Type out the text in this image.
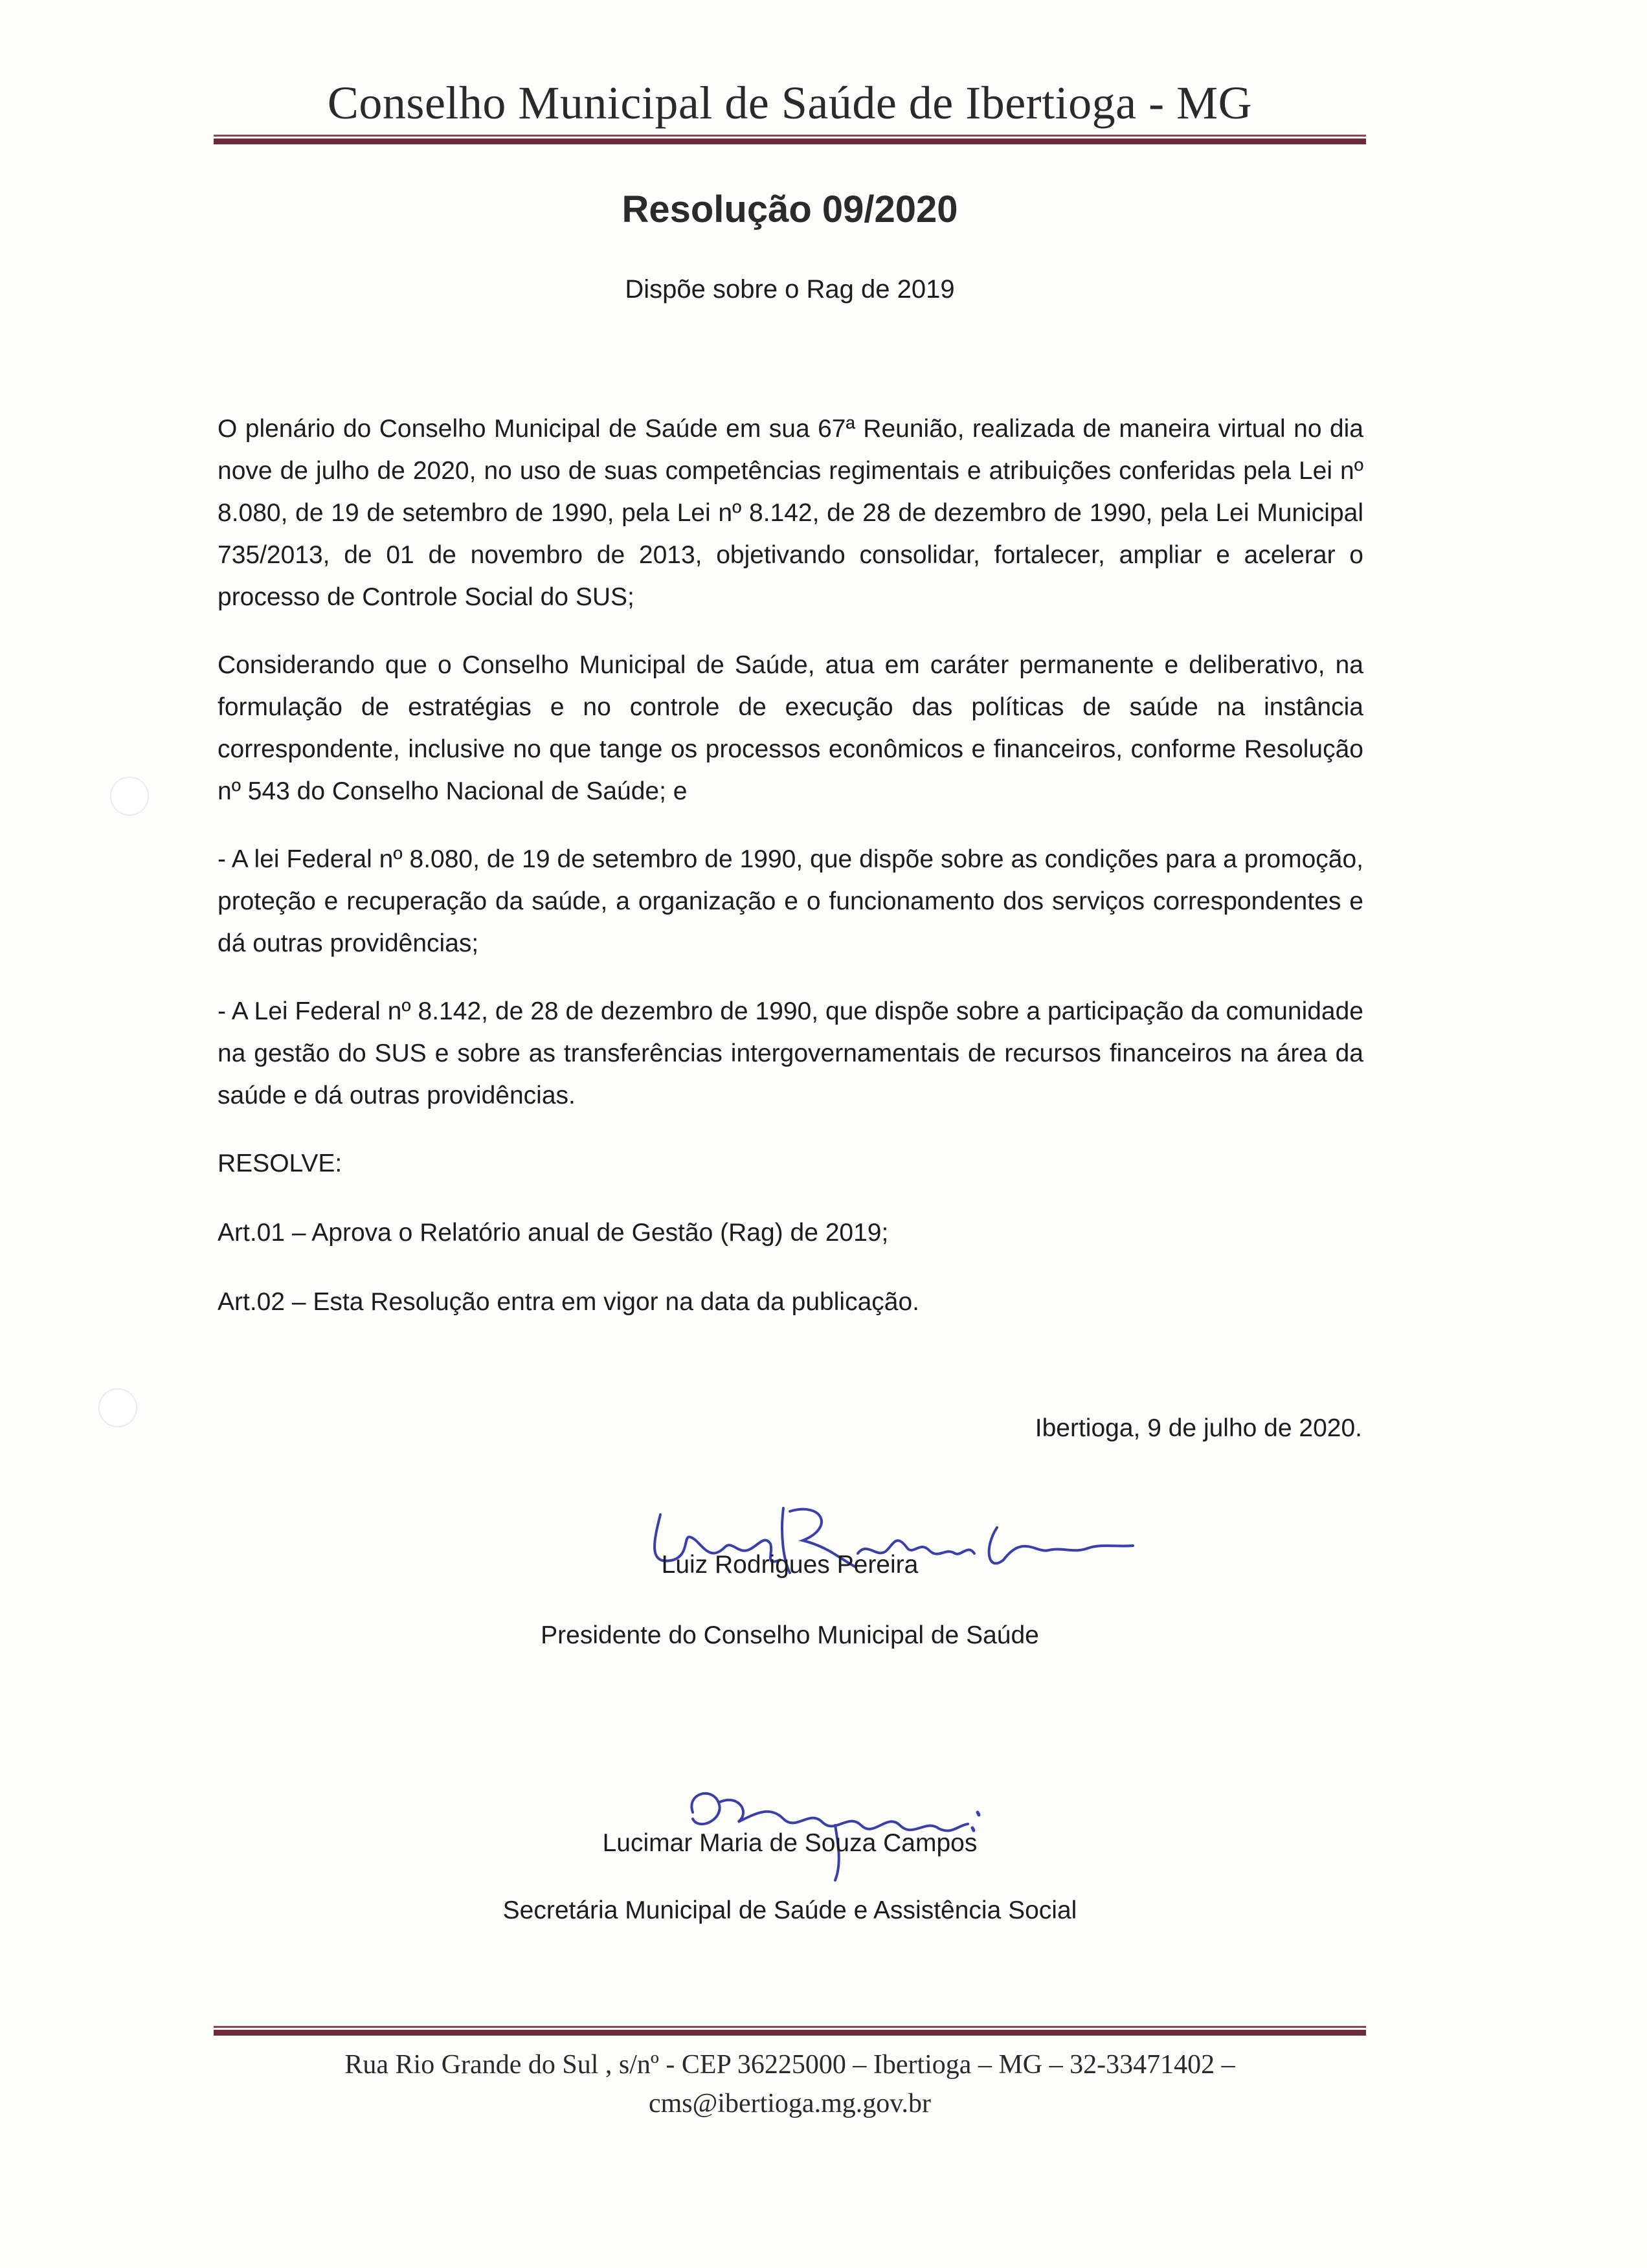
Conselho Municipal de Saúde de Ibertioga - MG
Resolução 09/2020
Dispõe sobre o Rag de 2019

O plenário do Conselho Municipal de Saúde em sua 67ª Reunião, realizada de maneira virtual no dia nove de julho de 2020, no uso de suas competências regimentais e atribuições conferidas pela Lei nº 8.080, de 19 de setembro de 1990, pela Lei nº 8.142, de 28 de dezembro de 1990, pela Lei Municipal 735/2013, de 01 de novembro de 2013, objetivando consolidar, fortalecer, ampliar e acelerar o processo de Controle Social do SUS;

Considerando que o Conselho Municipal de Saúde, atua em caráter permanente e deliberativo, na formulação de estratégias e no controle de execução das políticas de saúde na instância correspondente, inclusive no que tange os processos econômicos e financeiros, conforme Resolução nº 543 do Conselho Nacional de Saúde; e

- A lei Federal nº 8.080, de 19 de setembro de 1990, que dispõe sobre as condições para a promoção, proteção e recuperação da saúde, a organização e o funcionamento dos serviços correspondentes e dá outras providências;

- A Lei Federal nº 8.142, de 28 de dezembro de 1990, que dispõe sobre a participação da comunidade na gestão do SUS e sobre as transferências intergovernamentais de recursos financeiros na área da saúde e dá outras providências.

RESOLVE:

Art.01 – Aprova o Relatório anual de Gestão (Rag) de 2019;

Art.02 – Esta Resolução entra em vigor na data da publicação.

Ibertioga, 9 de julho de 2020.
Luiz Rodrigues Pereira
Presidente do Conselho Municipal de Saúde
Lucimar Maria de Souza Campos
Secretária Municipal de Saúde e Assistência Social
Rua Rio Grande do Sul , s/nº - CEP 36225000 – Ibertioga – MG – 32-33471402 –
cms@ibertioga.mg.gov.br
